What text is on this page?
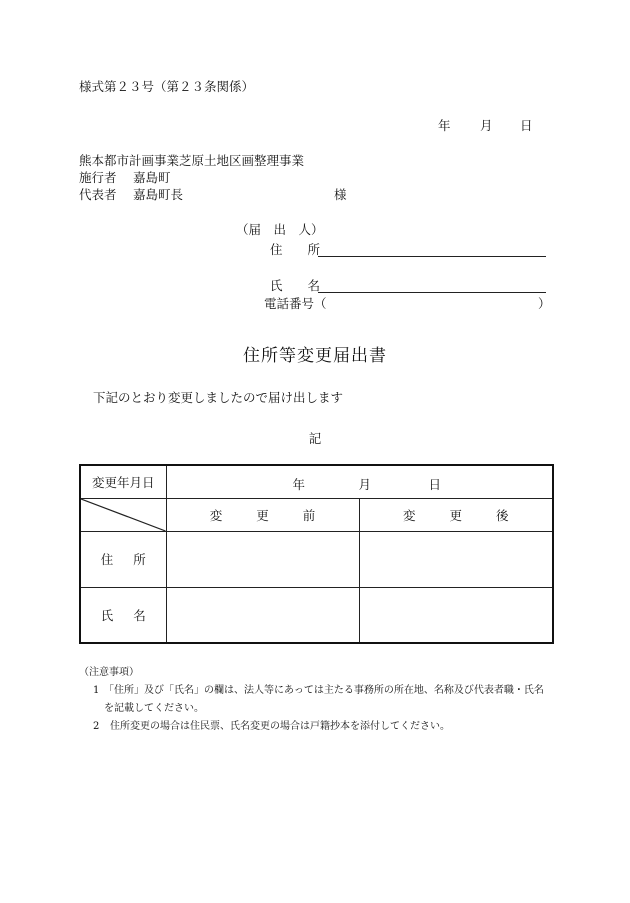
様式第２３号（第２３条関係）
年 月 日
熊本都市計画事業芝原土地区画整理事業
施行者 嘉島町
代表者 嘉島町長	様
（届　出　人）
住　　所
氏　　名
電話番号（	）
住所等変更届出書
下記のとおり変更しましたので届け出します
記
変更年月日	年 月 日	

	変 更 前	変 更 後
住 所		
氏 名		
（注意事項）
1 「住所」及び「氏名」の欄は、法人等にあっては主たる事務所の所在地、名称及び代表者職・氏名
を記載してください。
2 住所変更の場合は住民票、氏名変更の場合は戸籍抄本を添付してください。
